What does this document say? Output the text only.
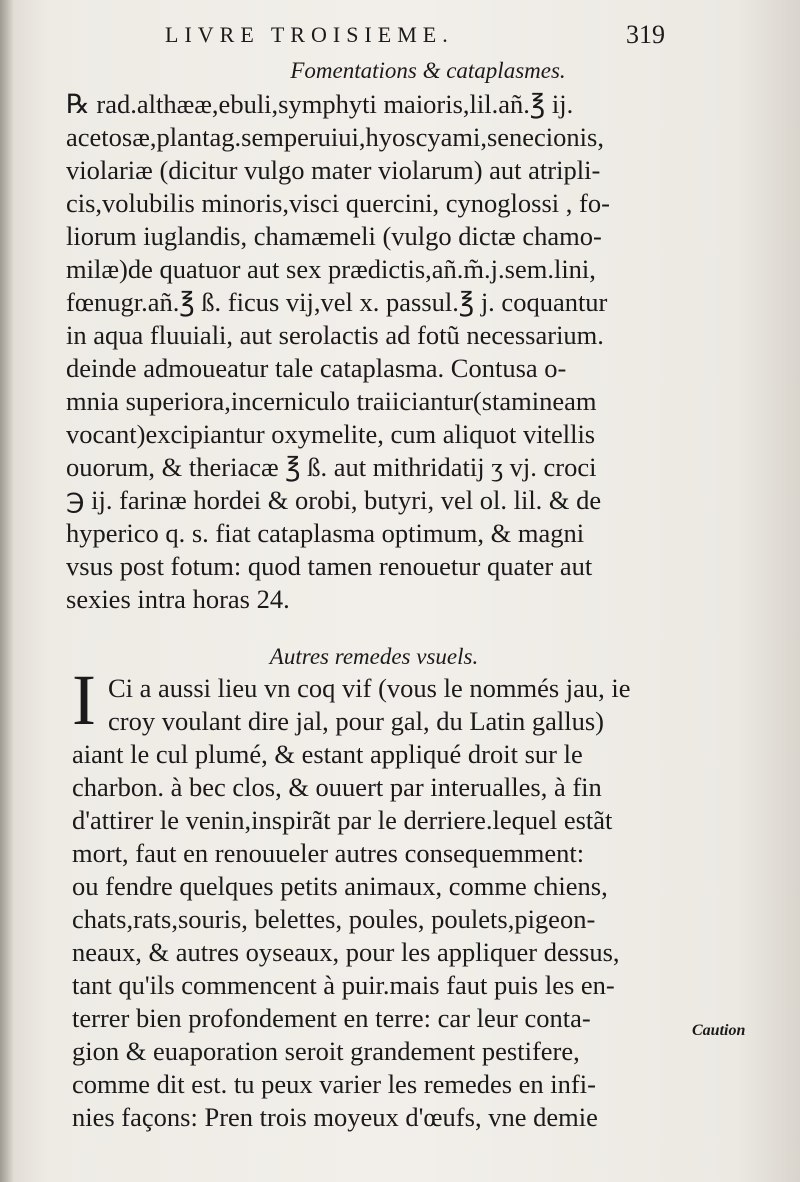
LIVRE TROISIEME.	319
Fomentations & cataplasmes.
℞ rad.althææ,ebuli,symphyti maioris,lil.añ.℥ ij.
acetosæ,plantag.semperuiui,hyoscyami,senecionis,
violariæ (dicitur vulgo mater violarum) aut atripli-
cis,volubilis minoris,visci quercini, cynoglossi , fo-
liorum iuglandis, chamæmeli (vulgo dictæ chamo-
milæ)de quatuor aut sex prædictis,añ.m̃.j.sem.lini,
fœnugr.añ.℥ ß. ficus vij,vel x. passul.℥ j. coquantur
in aqua fluuiali, aut serolactis ad fotũ necessarium.
deinde admoueatur tale cataplasma. Contusa o-
mnia superiora,incerniculo traiiciantur(stamineam
vocant)excipiantur oxymelite, cum aliquot vitellis
ouorum, & theriacæ ℥ ß. aut mithridatij ʒ vj. croci
℈ ij. farinæ hordei & orobi, butyri, vel ol. lil. & de
hyperico q. s. fiat cataplasma optimum, & magni
vsus post fotum: quod tamen renouetur quater aut
sexies intra horas 24.
Autres remedes vsuels.
I Ci a aussi lieu vn coq vif (vous le nommés jau, ie
croy voulant dire jal, pour gal, du Latin gallus)
aiant le cul plumé, & estant appliqué droit sur le
charbon. à bec clos, & ouuert par interualles, à fin
d'attirer le venin,inspirãt par le derriere.lequel estãt
mort, faut en renouueler autres consequemment:
ou fendre quelques petits animaux, comme chiens,
chats,rats,souris, belettes, poules, poulets,pigeon-
neaux, & autres oyseaux, pour les appliquer dessus,
tant qu'ils commencent à puir.mais faut puis les en-
terrer bien profondement en terre: car leur conta-
gion & euaporation seroit grandement pestifere,
comme dit est. tu peux varier les remedes en infi-
nies façons: Pren trois moyeux d'œufs, vne demie
Caution
